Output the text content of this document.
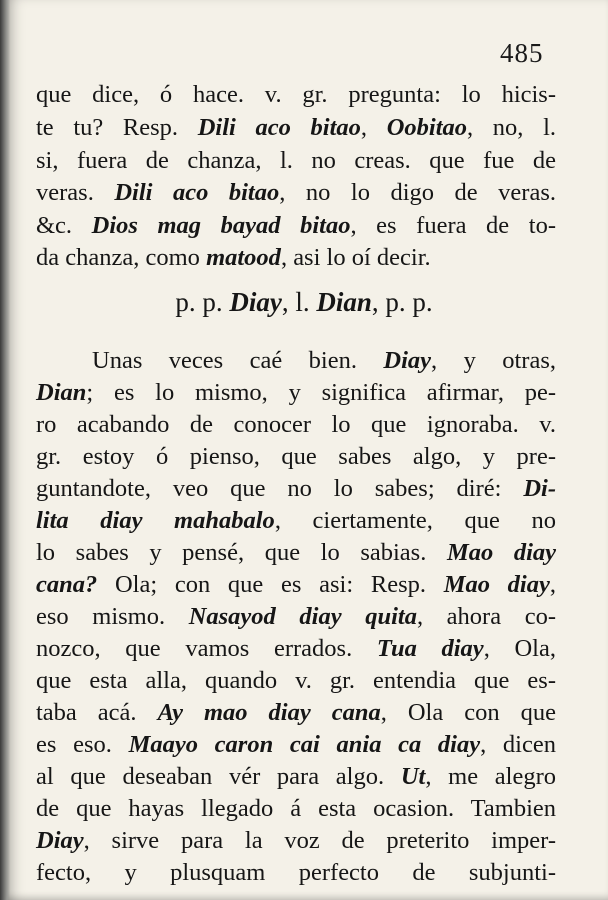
485
que dice, ó hace. v. gr. pregunta: lo hicis-
te tu? Resp. Dili aco bitao, Oobitao, no, l.
si, fuera de chanza, l. no creas. que fue de
veras. Dili aco bitao, no lo digo de veras.
&c. Dios mag bayad bitao, es fuera de to-
da chanza, como matood, asi lo oí decir.
p. p. Diay, l. Dian, p. p.
Unas veces caé bien. Diay, y otras,
Dian; es lo mismo, y significa afirmar, pe-
ro acabando de conocer lo que ignoraba. v.
gr. estoy ó pienso, que sabes algo, y pre-
guntandote, veo que no lo sabes; diré: Di-
lita diay mahabalo, ciertamente, que no
lo sabes y pensé, que lo sabias. Mao diay
cana? Ola; con que es asi: Resp. Mao diay,
eso mismo. Nasayod diay quita, ahora co-
nozco, que vamos errados. Tua diay, Ola,
que esta alla, quando v. gr. entendia que es-
taba acá. Ay mao diay cana, Ola con que
es eso. Maayo caron cai ania ca diay, dicen
al que deseaban vér para algo. Ut, me alegro
de que hayas llegado á esta ocasion. Tambien
Diay, sirve para la voz de preterito imper-
fecto, y plusquam perfecto de subjunti-
